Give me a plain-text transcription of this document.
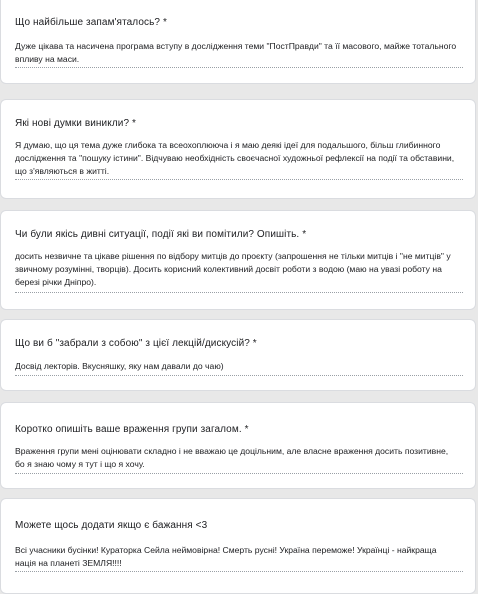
Що найбільше запам'яталось? *
Дуже цікава та насичена програма вступу в дослідження теми "ПостПравди" та її масового, майже тотального впливу на маси.
Які нові думки виникли? *
Я думаю, що ця тема дуже глибока та всеохоплююча і я маю деякі ідеї для подальшого, більш глибинного дослідження та "пошуку істини". Відчуваю необхідність своєчасної художньої рефлексії на події та обставини, що з'являються в житті.
Чи були якісь дивні ситуації, події які ви помітили? Опишіть. *
досить незвичне та цікаве рішення по відбору митців до проєкту (запрошення не тільки митців і "не митців" у звичному розумінні, творців). Досить корисний колективний досвіт роботи з водою (маю на увазі роботу на березі річки Дніпро).
Що ви б "забрали з собою" з цієї лекцій/дискусій? *
Досвід лекторів. Вкусняшку, яку нам давали до чаю)
Коротко опишіть ваше враження групи загалом. *
Враження групи мені оцінювати складно і не вважаю це доцільним, але власне враження досить позитивне, бо я знаю чому я тут і що я хочу.
Можете щось додати якщо є бажання <3
Всі учасники бусінки! Кураторка Сейла неймовірна! Смерть русні! Україна переможе! Українці - найкраща нація на планеті ЗЕМЛЯ!!!!
